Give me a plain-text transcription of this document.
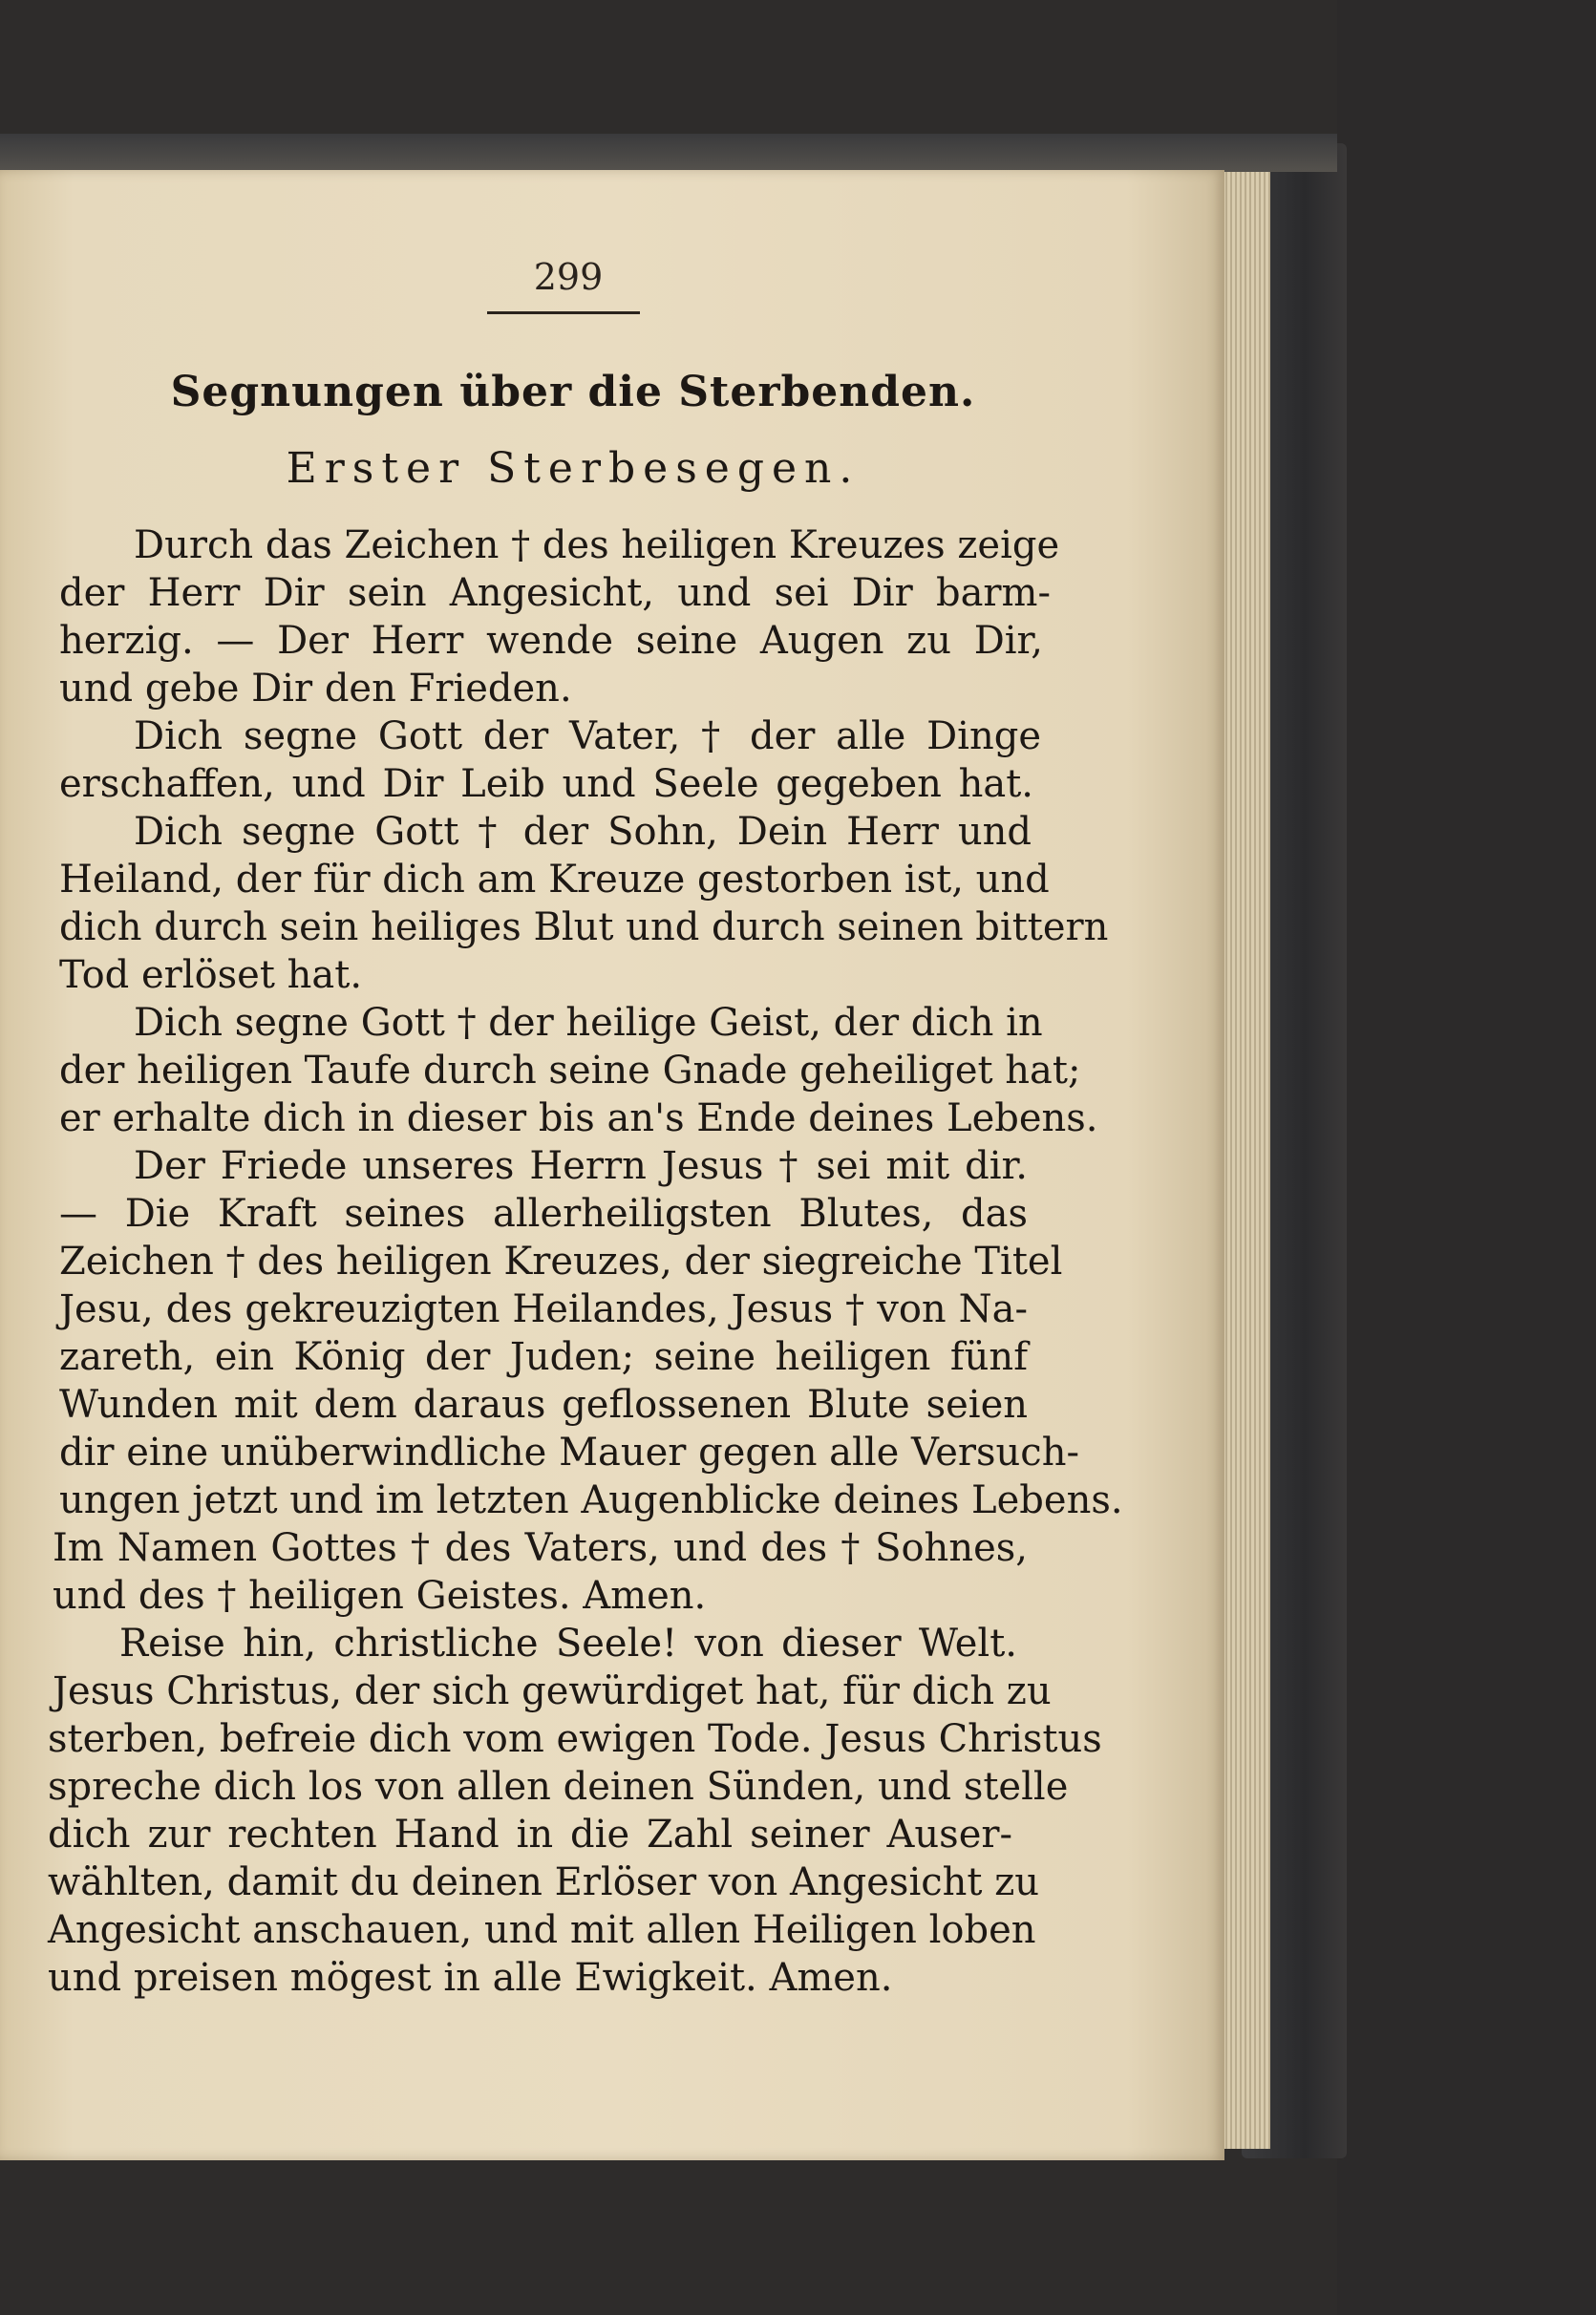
299
Segnungen über die Sterbenden.
Erster Sterbesegen.
Durch das Zeichen † des heiligen Kreuzes zeige
der Herr Dir sein Angesicht, und sei Dir barm-
herzig. — Der Herr wende seine Augen zu Dir,
und gebe Dir den Frieden.
Dich segne Gott der Vater, † der alle Dinge
erschaffen, und Dir Leib und Seele gegeben hat.
Dich segne Gott † der Sohn, Dein Herr und
Heiland, der für dich am Kreuze gestorben ist, und
dich durch sein heiliges Blut und durch seinen bittern
Tod erlöset hat.
Dich segne Gott † der heilige Geist, der dich in
der heiligen Taufe durch seine Gnade geheiliget hat;
er erhalte dich in dieser bis an's Ende deines Lebens.
Der Friede unseres Herrn Jesus † sei mit dir.
— Die Kraft seines allerheiligsten Blutes, das
Zeichen † des heiligen Kreuzes, der siegreiche Titel
Jesu, des gekreuzigten Heilandes, Jesus † von Na-
zareth, ein König der Juden; seine heiligen fünf
Wunden mit dem daraus geflossenen Blute seien
dir eine unüberwindliche Mauer gegen alle Versuch-
ungen jetzt und im letzten Augenblicke deines Lebens.
Im Namen Gottes † des Vaters, und des † Sohnes,
und des † heiligen Geistes. Amen.
Reise hin, christliche Seele! von dieser Welt.
Jesus Christus, der sich gewürdiget hat, für dich zu
sterben, befreie dich vom ewigen Tode. Jesus Christus
spreche dich los von allen deinen Sünden, und stelle
dich zur rechten Hand in die Zahl seiner Auser-
wählten, damit du deinen Erlöser von Angesicht zu
Angesicht anschauen, und mit allen Heiligen loben
und preisen mögest in alle Ewigkeit. Amen.
